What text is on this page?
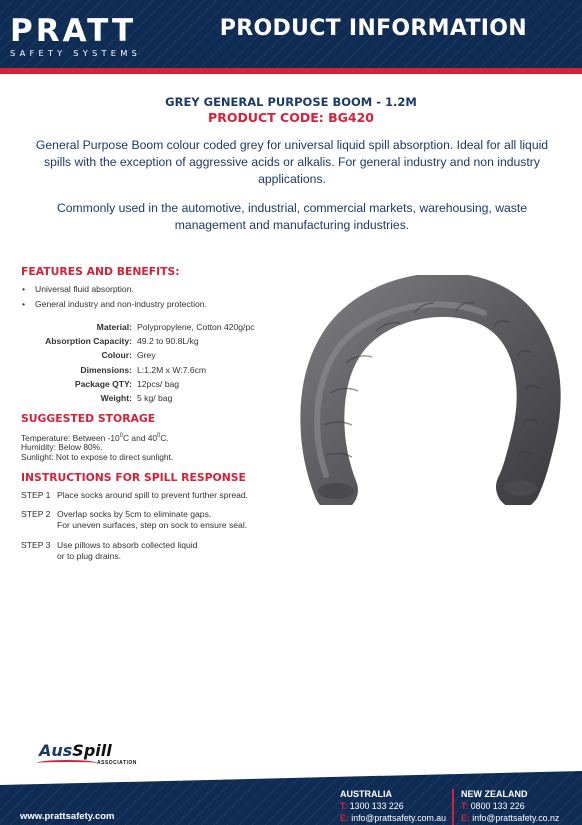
PRATT
SAFETY SYSTEMS
PRODUCT INFORMATION
GREY GENERAL PURPOSE BOOM - 1.2M
PRODUCT CODE: BG420
General Purpose Boom colour coded grey for universal liquid spill absorption. Ideal for all liquid spills with the exception of aggressive acids or alkalis. For general industry and non industry applications.
Commonly used in the automotive, industrial, commercial markets, warehousing, waste management and manufacturing industries.
FEATURES AND BENEFITS:
• Universal fluid absorption.
• General industry and non-industry protection.
Material: Polypropylene, Cotton 420g/pc
Absorption Capacity: 49.2 to 90.8L/kg
Colour: Grey
Dimensions: L:1.2M x W:7.6cm
Package QTY: 12pcs/ bag
Weight: 5 kg/ bag
SUGGESTED STORAGE
Temperature: Between $-10^0C$ and $40^0C$.
Humidity: Below 80%.
Sunlight: Not to expose to direct sunlight.
INSTRUCTIONS FOR SPILL RESPONSE
STEP 1 Place socks around spill to prevent further spread.
STEP 2 Overlap socks by 5cm to eliminate gaps.
For uneven surfaces, step on sock to ensure seal.
STEP 3 Use pillows to absorb collected liquid
or to plug drains.
AusSpill
ASSOCIATION
www.prattsafety.com
AUSTRALIA
T: 1300 133 226
E: info@prattsafety.com.au
NEW ZEALAND
T: 0800 133 226
E: info@prattsafety.co.nz
